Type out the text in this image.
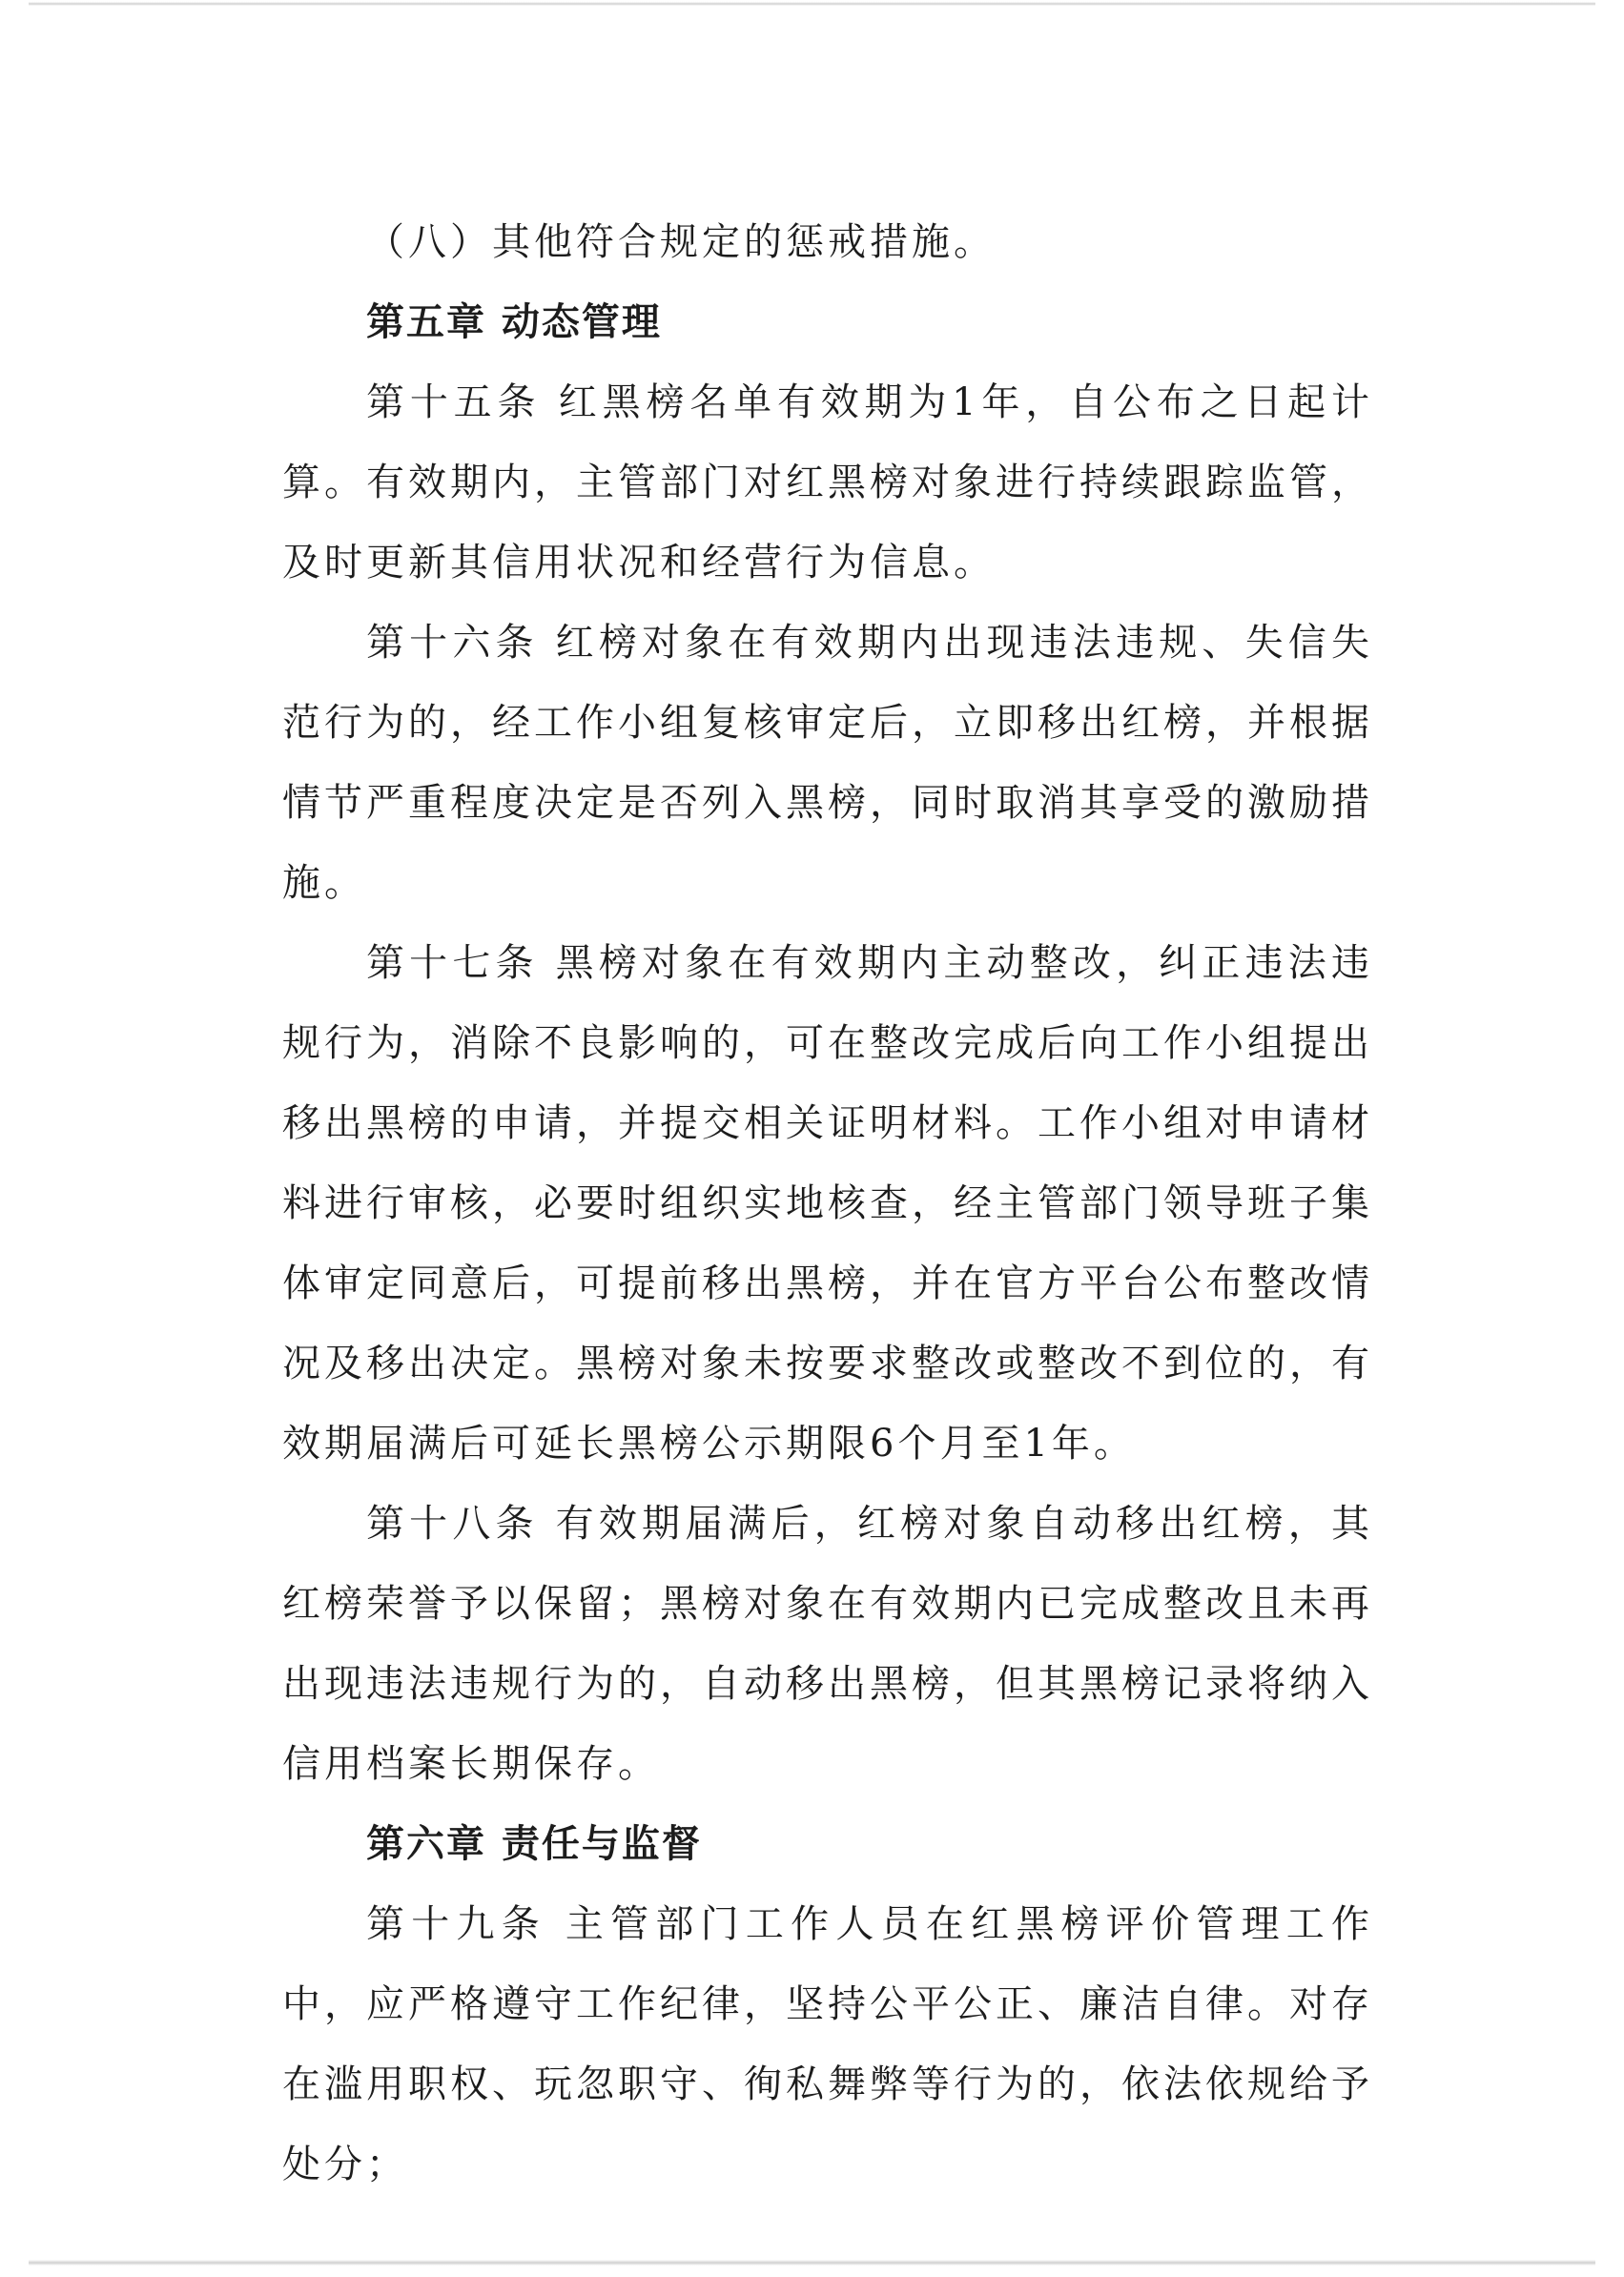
（八）其他符合规定的惩戒措施。

第五章 动态管理

第十五条 红黑榜名单有效期为1年，自公布之日起计算。有效期内，主管部门对红黑榜对象进行持续跟踪监管，及时更新其信用状况和经营行为信息。

第十六条 红榜对象在有效期内出现违法违规、失信失范行为的，经工作小组复核审定后，立即移出红榜，并根据情节严重程度决定是否列入黑榜，同时取消其享受的激励措施。

第十七条 黑榜对象在有效期内主动整改，纠正违法违规行为，消除不良影响的，可在整改完成后向工作小组提出移出黑榜的申请，并提交相关证明材料。工作小组对申请材料进行审核，必要时组织实地核查，经主管部门领导班子集体审定同意后，可提前移出黑榜，并在官方平台公布整改情况及移出决定。黑榜对象未按要求整改或整改不到位的，有效期届满后可延长黑榜公示期限6个月至1年。

第十八条 有效期届满后，红榜对象自动移出红榜，其红榜荣誉予以保留；黑榜对象在有效期内已完成整改且未再出现违法违规行为的，自动移出黑榜，但其黑榜记录将纳入信用档案长期保存。

第六章 责任与监督

第十九条 主管部门工作人员在红黑榜评价管理工作中，应严格遵守工作纪律，坚持公平公正、廉洁自律。对存在滥用职权、玩忽职守、徇私舞弊等行为的，依法依规给予处分；
